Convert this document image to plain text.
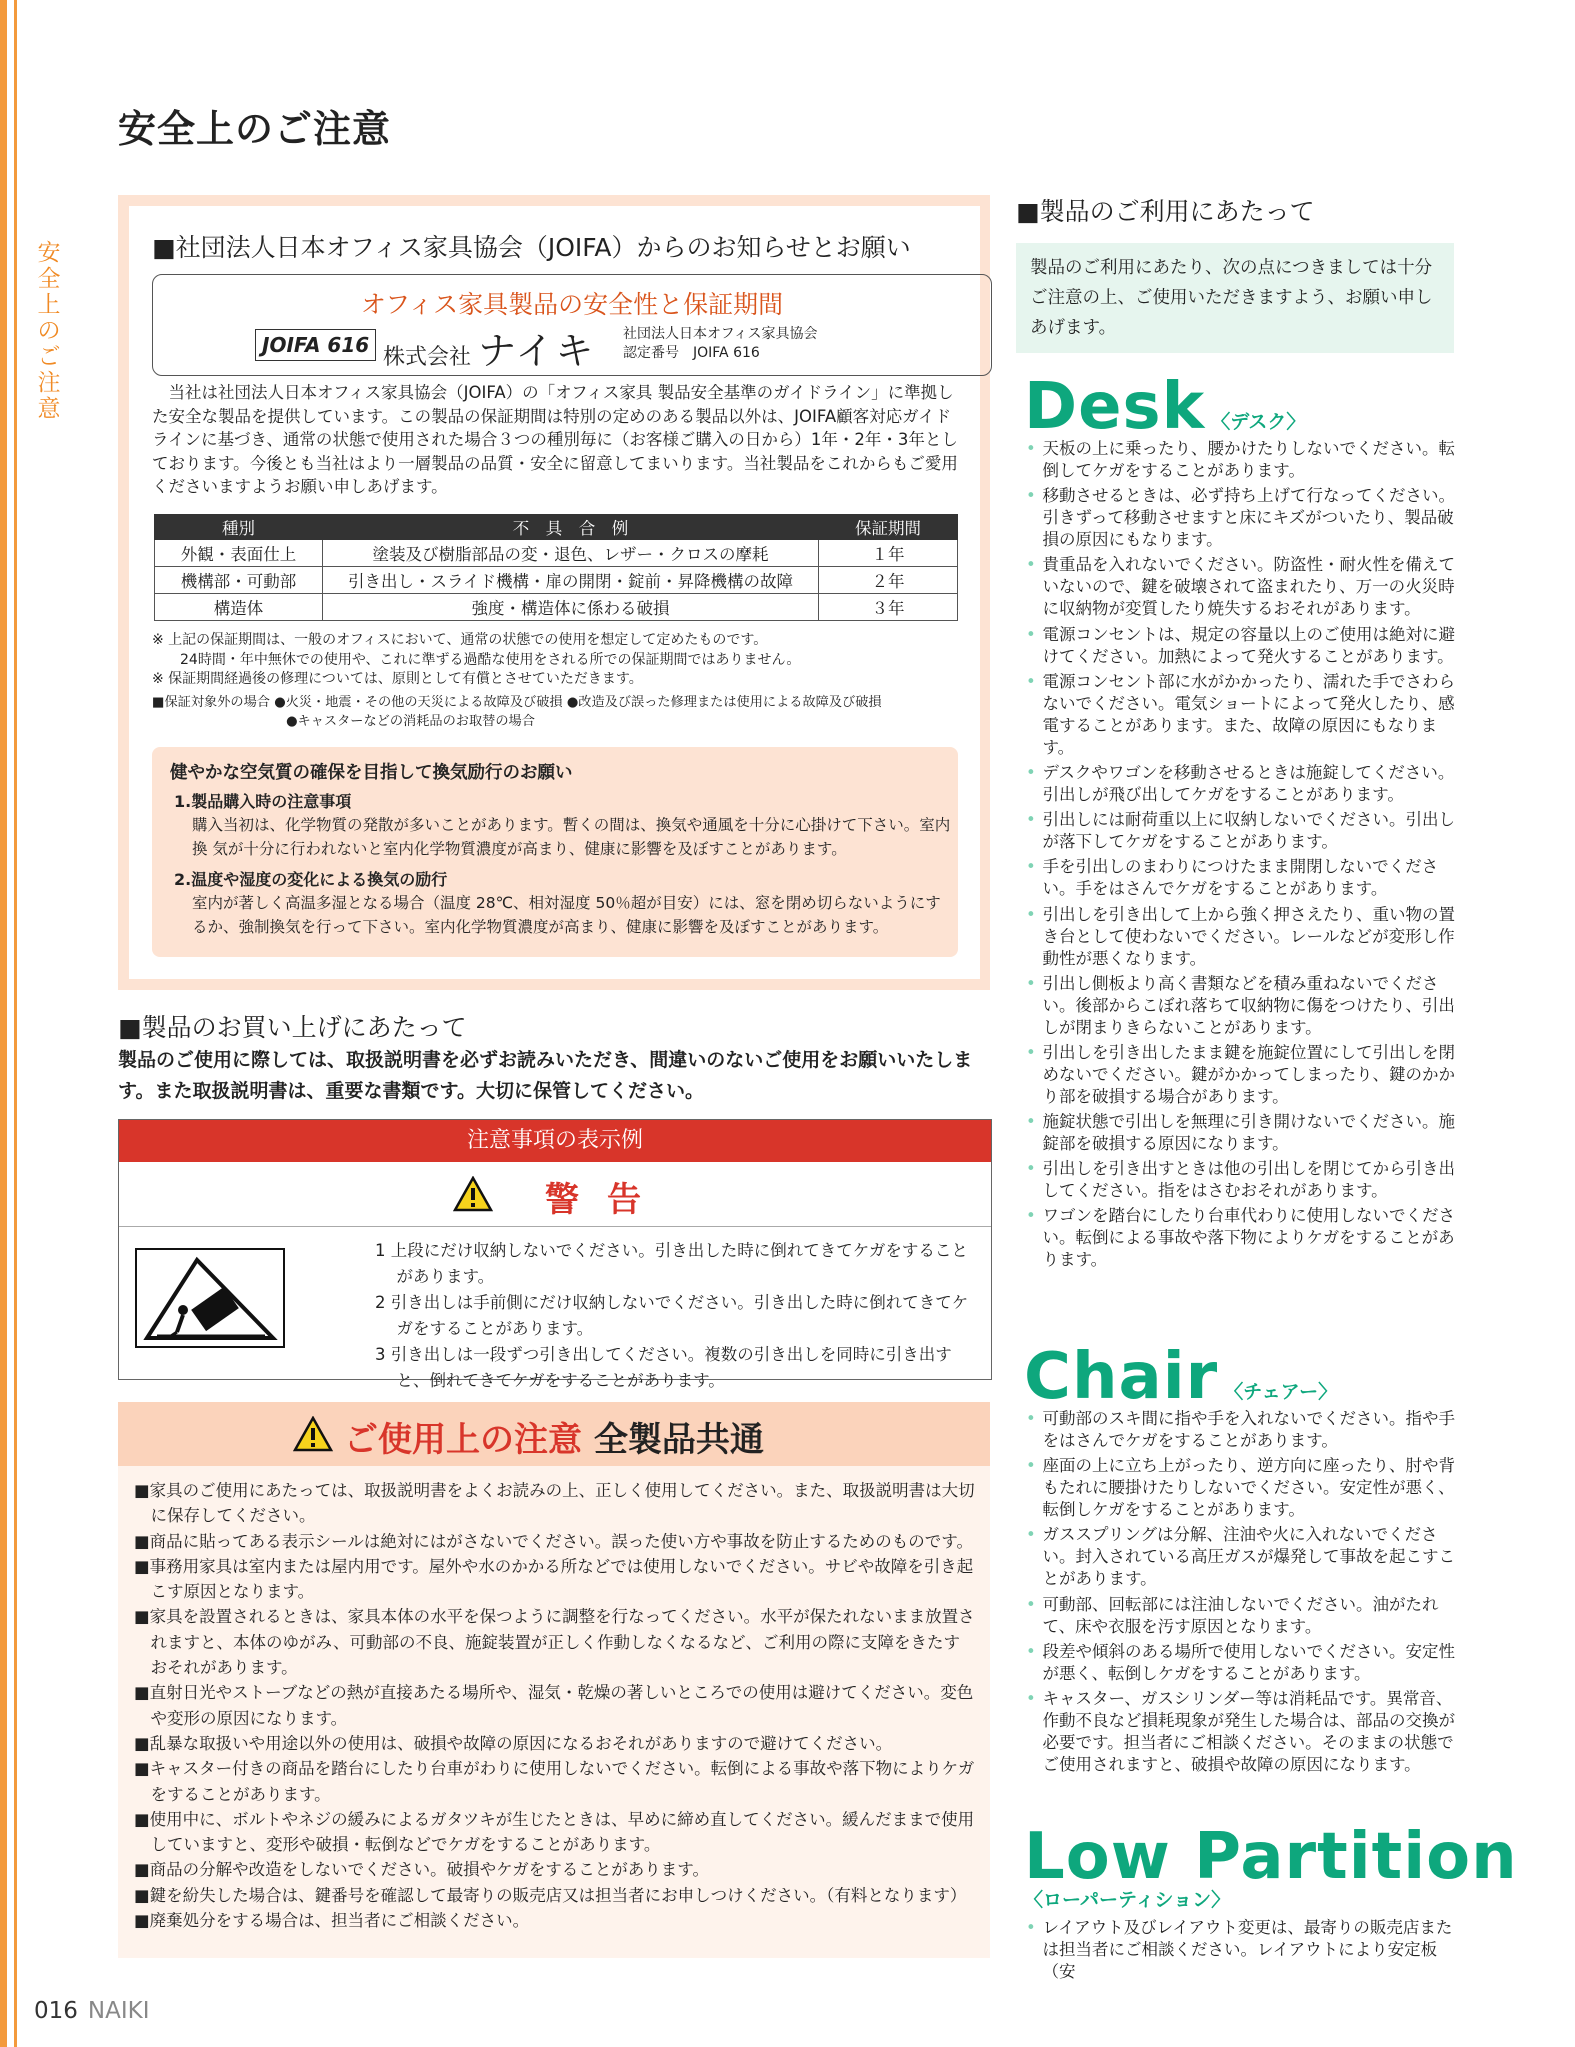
安
全
上
の
ご
注
意
安全上のご注意
■社団法人日本オフィス家具協会（JOIFA）からのお知らせとお願い
オフィス家具製品の安全性と保証期間
JOIFA 616 株式会社 ナイキ 社団法人日本オフィス家具協会
認定番号　JOIFA 616
当社は社団法人日本オフィス家具協会（JOIFA）の「オフィス家具 製品安全基準のガイドライン」に準拠した安全な製品を提供しています。この製品の保証期間は特別の定めのある製品以外は、JOIFA顧客対応ガイドラインに基づき、通常の状態で使用された場合３つの種別毎に（お客様ご購入の日から）1年・2年・3年としております。今後とも当社はより一層製品の品質・安全に留意してまいります。当社製品をこれからもご愛用くださいますようお願い申しあげます。
種別	不　具　合　例	保証期間
外観・表面仕上	塗装及び樹脂部品の変・退色、レザー・クロスの摩耗	１年
機構部・可動部	引き出し・スライド機構・扉の開閉・錠前・昇降機構の故障	２年
構造体	強度・構造体に係わる破損	３年
※ 上記の保証期間は、一般のオフィスにおいて、通常の状態での使用を想定して定めたものです。
24時間・年中無休での使用や、これに準ずる過酷な使用をされる所での保証期間ではありません。
※ 保証期間経過後の修理については、原則として有償とさせていただきます。
■保証対象外の場合 ●火災・地震・その他の天災による故障及び破損 ●改造及び誤った修理または使用による故障及び破損
●キャスターなどの消耗品のお取替の場合
健やかな空気質の確保を目指して換気励行のお願い
1.製品購入時の注意事項
購入当初は、化学物質の発散が多いことがあります。暫くの間は、換気や通風を十分に心掛けて下さい。室内換 気が十分に行われないと室内化学物質濃度が高まり、健康に影響を及ぼすことがあります。
2.温度や湿度の変化による換気の励行
室内が著しく高温多湿となる場合（温度 28℃、相対湿度 50％超が目安）には、窓を閉め切らないようにするか、強制換気を行って下さい。室内化学物質濃度が高まり、健康に影響を及ぼすことがあります。
■製品のお買い上げにあたって
製品のご使用に際しては、取扱説明書を必ずお読みいただき、間違いのないご使用をお願いいたします。また取扱説明書は、重要な書類です。大切に保管してください。
注意事項の表示例
警告
1 上段にだけ収納しないでください。引き出した時に倒れてきてケガをすることがあります。
2 引き出しは手前側にだけ収納しないでください。引き出した時に倒れてきてケガをすることがあります。
3 引き出しは一段ずつ引き出してください。複数の引き出しを同時に引き出すと、倒れてきてケガをすることがあります。
ご使用上の注意 全製品共通
■家具のご使用にあたっては、取扱説明書をよくお読みの上、正しく使用してください。また、取扱説明書は大切に保存してください。
■商品に貼ってある表示シールは絶対にはがさないでください。誤った使い方や事故を防止するためのものです。
■事務用家具は室内または屋内用です。屋外や水のかかる所などでは使用しないでください。サビや故障を引き起こす原因となります。
■家具を設置されるときは、家具本体の水平を保つように調整を行なってください。水平が保たれないまま放置されますと、本体のゆがみ、可動部の不良、施錠装置が正しく作動しなくなるなど、ご利用の際に支障をきたすおそれがあります。
■直射日光やストーブなどの熱が直接あたる場所や、湿気・乾燥の著しいところでの使用は避けてください。変色や変形の原因になります。
■乱暴な取扱いや用途以外の使用は、破損や故障の原因になるおそれがありますので避けてください。
■キャスター付きの商品を踏台にしたり台車がわりに使用しないでください。転倒による事故や落下物によりケガをすることがあります。
■使用中に、ボルトやネジの緩みによるガタツキが生じたときは、早めに締め直してください。緩んだままで使用していますと、変形や破損・転倒などでケガをすることがあります。
■商品の分解や改造をしないでください。破損やケガをすることがあります。
■鍵を紛失した場合は、鍵番号を確認して最寄りの販売店又は担当者にお申しつけください。（有料となります）
■廃棄処分をする場合は、担当者にご相談ください。
■製品のご利用にあたって
製品のご利用にあたり、次の点につきましては十分ご注意の上、ご使用いただきますよう、お願い申しあげます。
Desk 〈デスク〉
• 天板の上に乗ったり、腰かけたりしないでください。転倒してケガをすることがあります。
• 移動させるときは、必ず持ち上げて行なってください。引きずって移動させますと床にキズがついたり、製品破損の原因にもなります。
• 貴重品を入れないでください。防盗性・耐火性を備えていないので、鍵を破壊されて盗まれたり、万一の火災時に収納物が変質したり焼失するおそれがあります。
• 電源コンセントは、規定の容量以上のご使用は絶対に避けてください。加熱によって発火することがあります。
• 電源コンセント部に水がかかったり、濡れた手でさわらないでください。電気ショートによって発火したり、感電することがあります。また、故障の原因にもなります。
• デスクやワゴンを移動させるときは施錠してください。引出しが飛び出してケガをすることがあります。
• 引出しには耐荷重以上に収納しないでください。引出しが落下してケガをすることがあります。
• 手を引出しのまわりにつけたまま開閉しないでください。手をはさんでケガをすることがあります。
• 引出しを引き出して上から強く押さえたり、重い物の置き台として使わないでください。レールなどが変形し作動性が悪くなります。
• 引出し側板より高く書類などを積み重ねないでください。後部からこぼれ落ちて収納物に傷をつけたり、引出しが閉まりきらないことがあります。
• 引出しを引き出したまま鍵を施錠位置にして引出しを閉めないでください。鍵がかかってしまったり、鍵のかかり部を破損する場合があります。
• 施錠状態で引出しを無理に引き開けないでください。施錠部を破損する原因になります。
• 引出しを引き出すときは他の引出しを閉じてから引き出してください。指をはさむおそれがあります。
• ワゴンを踏台にしたり台車代わりに使用しないでください。転倒による事故や落下物によりケガをすることがあります。
Chair 〈チェアー〉
• 可動部のスキ間に指や手を入れないでください。指や手をはさんでケガをすることがあります。
• 座面の上に立ち上がったり、逆方向に座ったり、肘や背もたれに腰掛けたりしないでください。安定性が悪く、転倒しケガをすることがあります。
• ガススプリングは分解、注油や火に入れないでください。封入されている高圧ガスが爆発して事故を起こすことがあります。
• 可動部、回転部には注油しないでください。油がたれて、床や衣服を汚す原因となります。
• 段差や傾斜のある場所で使用しないでください。安定性が悪く、転倒しケガをすることがあります。
• キャスター、ガスシリンダー等は消耗品です。異常音、作動不良など損耗現象が発生した場合は、部品の交換が必要です。担当者にご相談ください。そのままの状態でご使用されますと、破損や故障の原因になります。
Low Partition
〈ローパーティション〉
• レイアウト及びレイアウト変更は、最寄りの販売店または担当者にご相談ください。レイアウトにより安定板（安
016 NAIKI
